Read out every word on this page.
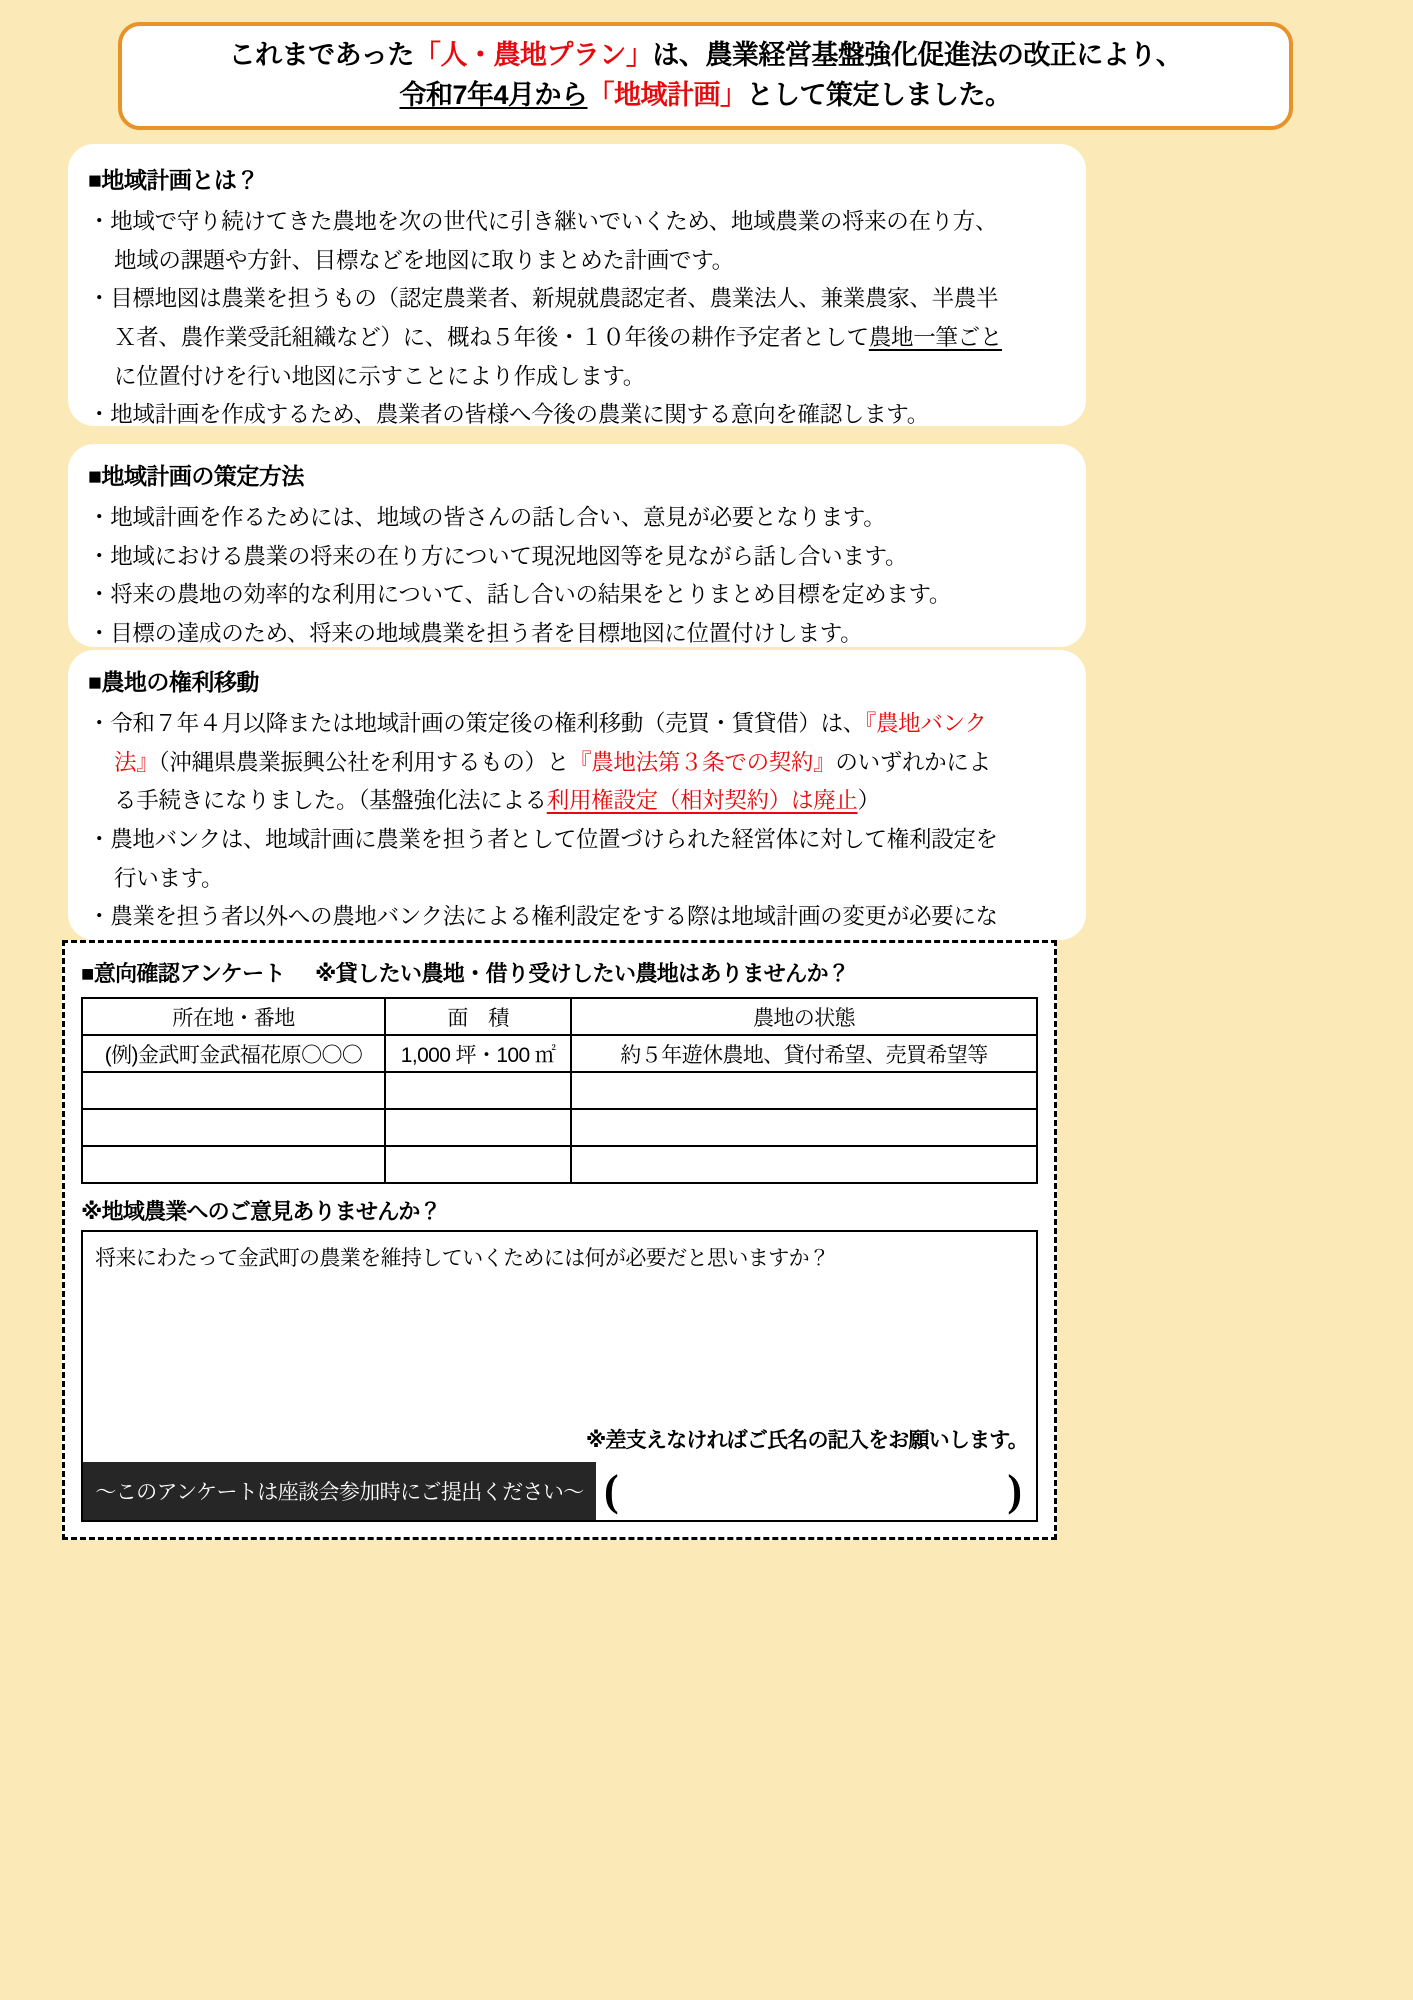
これまであった「人・農地プラン」は、農業経営基盤強化促進法の改正により、
令和7年4月から「地域計画」として策定しました。
■地域計画とは？
・地域で守り続けてきた農地を次の世代に引き継いでいくため、地域農業の将来の在り方、
地域の課題や方針、目標などを地図に取りまとめた計画です。
・目標地図は農業を担うもの（認定農業者、新規就農認定者、農業法人、兼業農家、半農半
Ｘ者、農作業受託組織など）に、概ね５年後・１０年後の耕作予定者として農地一筆ごと
に位置付けを行い地図に示すことにより作成します。
・地域計画を作成するため、農業者の皆様へ今後の農業に関する意向を確認します。
■地域計画の策定方法
・地域計画を作るためには、地域の皆さんの話し合い、意見が必要となります。
・地域における農業の将来の在り方について現況地図等を見ながら話し合います。
・将来の農地の効率的な利用について、話し合いの結果をとりまとめ目標を定めます。
・目標の達成のため、将来の地域農業を担う者を目標地図に位置付けします。
■農地の権利移動
・令和７年４月以降または地域計画の策定後の権利移動（売買・賃貸借）は、『農地バンク
法』（沖縄県農業振興公社を利用するもの）と『農地法第３条での契約』のいずれかによ
る手続きになりました。（基盤強化法による利用権設定（相対契約）は廃止）
・農地バンクは、地域計画に農業を担う者として位置づけられた経営体に対して権利設定を
行います。
・農業を担う者以外への農地バンク法による権利設定をする際は地域計画の変更が必要にな
■意向確認アンケート ※貸したい農地・借り受けしたい農地はありませんか？
所在地・番地	面　積	農地の状態
(例)金武町金武福花原〇〇〇	1,000 坪・100 ㎡	約５年遊休農地、貸付希望、売買希望等

※地域農業へのご意見ありませんか？
将来にわたって金武町の農業を維持していくためには何が必要だと思いますか？
※差支えなければご氏名の記入をお願いします。
～このアンケートは座談会参加時にご提出ください～ (	)
